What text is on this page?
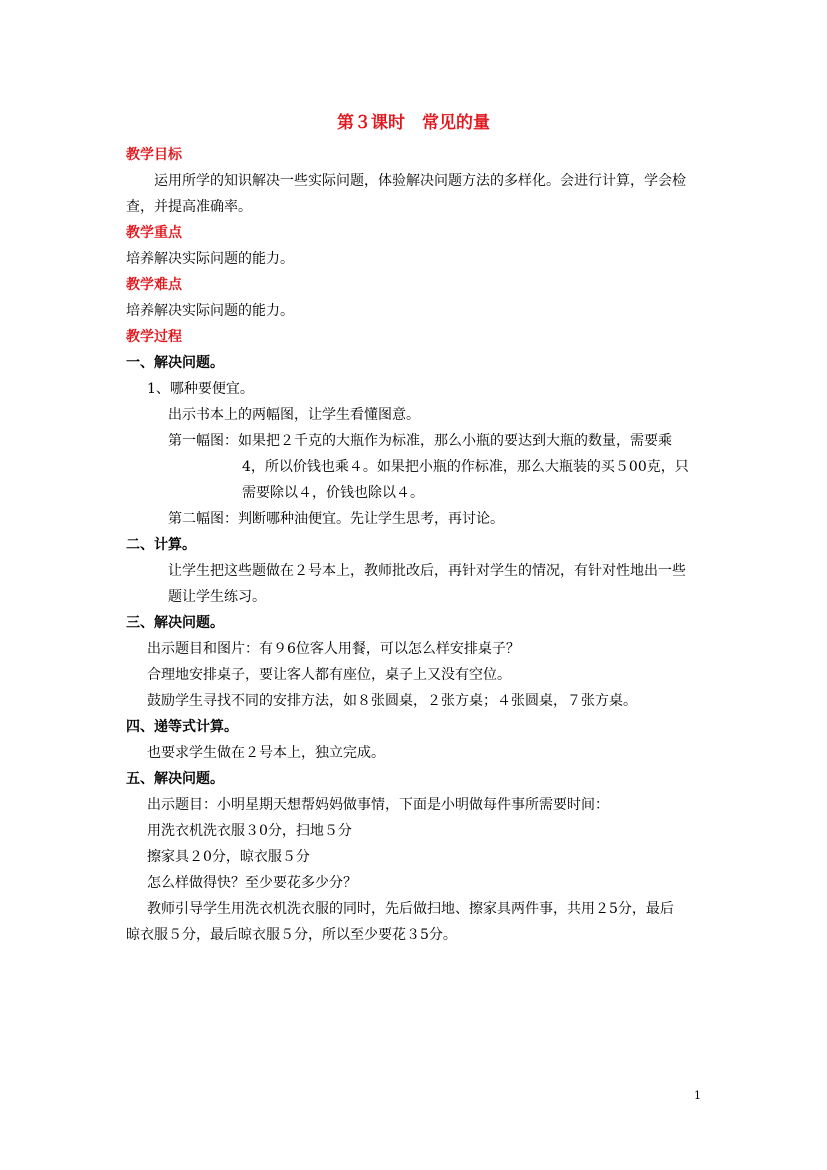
第３课时　常见的量
教学目标
运用所学的知识解决一些实际问题，体验解决问题方法的多样化。会进行计算，学会检
查，并提高准确率。
教学重点
培养解决实际问题的能力。
教学难点
培养解决实际问题的能力。
教学过程
一、解决问题。
1、哪种要便宜。
出示书本上的两幅图，让学生看懂图意。
第一幅图：如果把２千克的大瓶作为标准，那么小瓶的要达到大瓶的数量，需要乘
4，所以价钱也乘４。如果把小瓶的作标准，那么大瓶装的买５00克，只
需要除以４，价钱也除以４。
第二幅图：判断哪种油便宜。先让学生思考，再讨论。
二、计算。
让学生把这些题做在２号本上，教师批改后，再针对学生的情况，有针对性地出一些
题让学生练习。
三、解决问题。
出示题目和图片：有９6位客人用餐，可以怎么样安排桌子？
合理地安排桌子，要让客人都有座位，桌子上又没有空位。
鼓励学生寻找不同的安排方法，如８张圆桌，２张方桌；４张圆桌，７张方桌。
四、递等式计算。
也要求学生做在２号本上，独立完成。
五、解决问题。
出示题目：小明星期天想帮妈妈做事情，下面是小明做每件事所需要时间：
用洗衣机洗衣服３0分，扫地５分
擦家具２0分，晾衣服５分
怎么样做得快？至少要花多少分？
教师引导学生用洗衣机洗衣服的同时，先后做扫地、擦家具两件事，共用２5分，最后
晾衣服５分，最后晾衣服５分，所以至少要花３5分。
1
